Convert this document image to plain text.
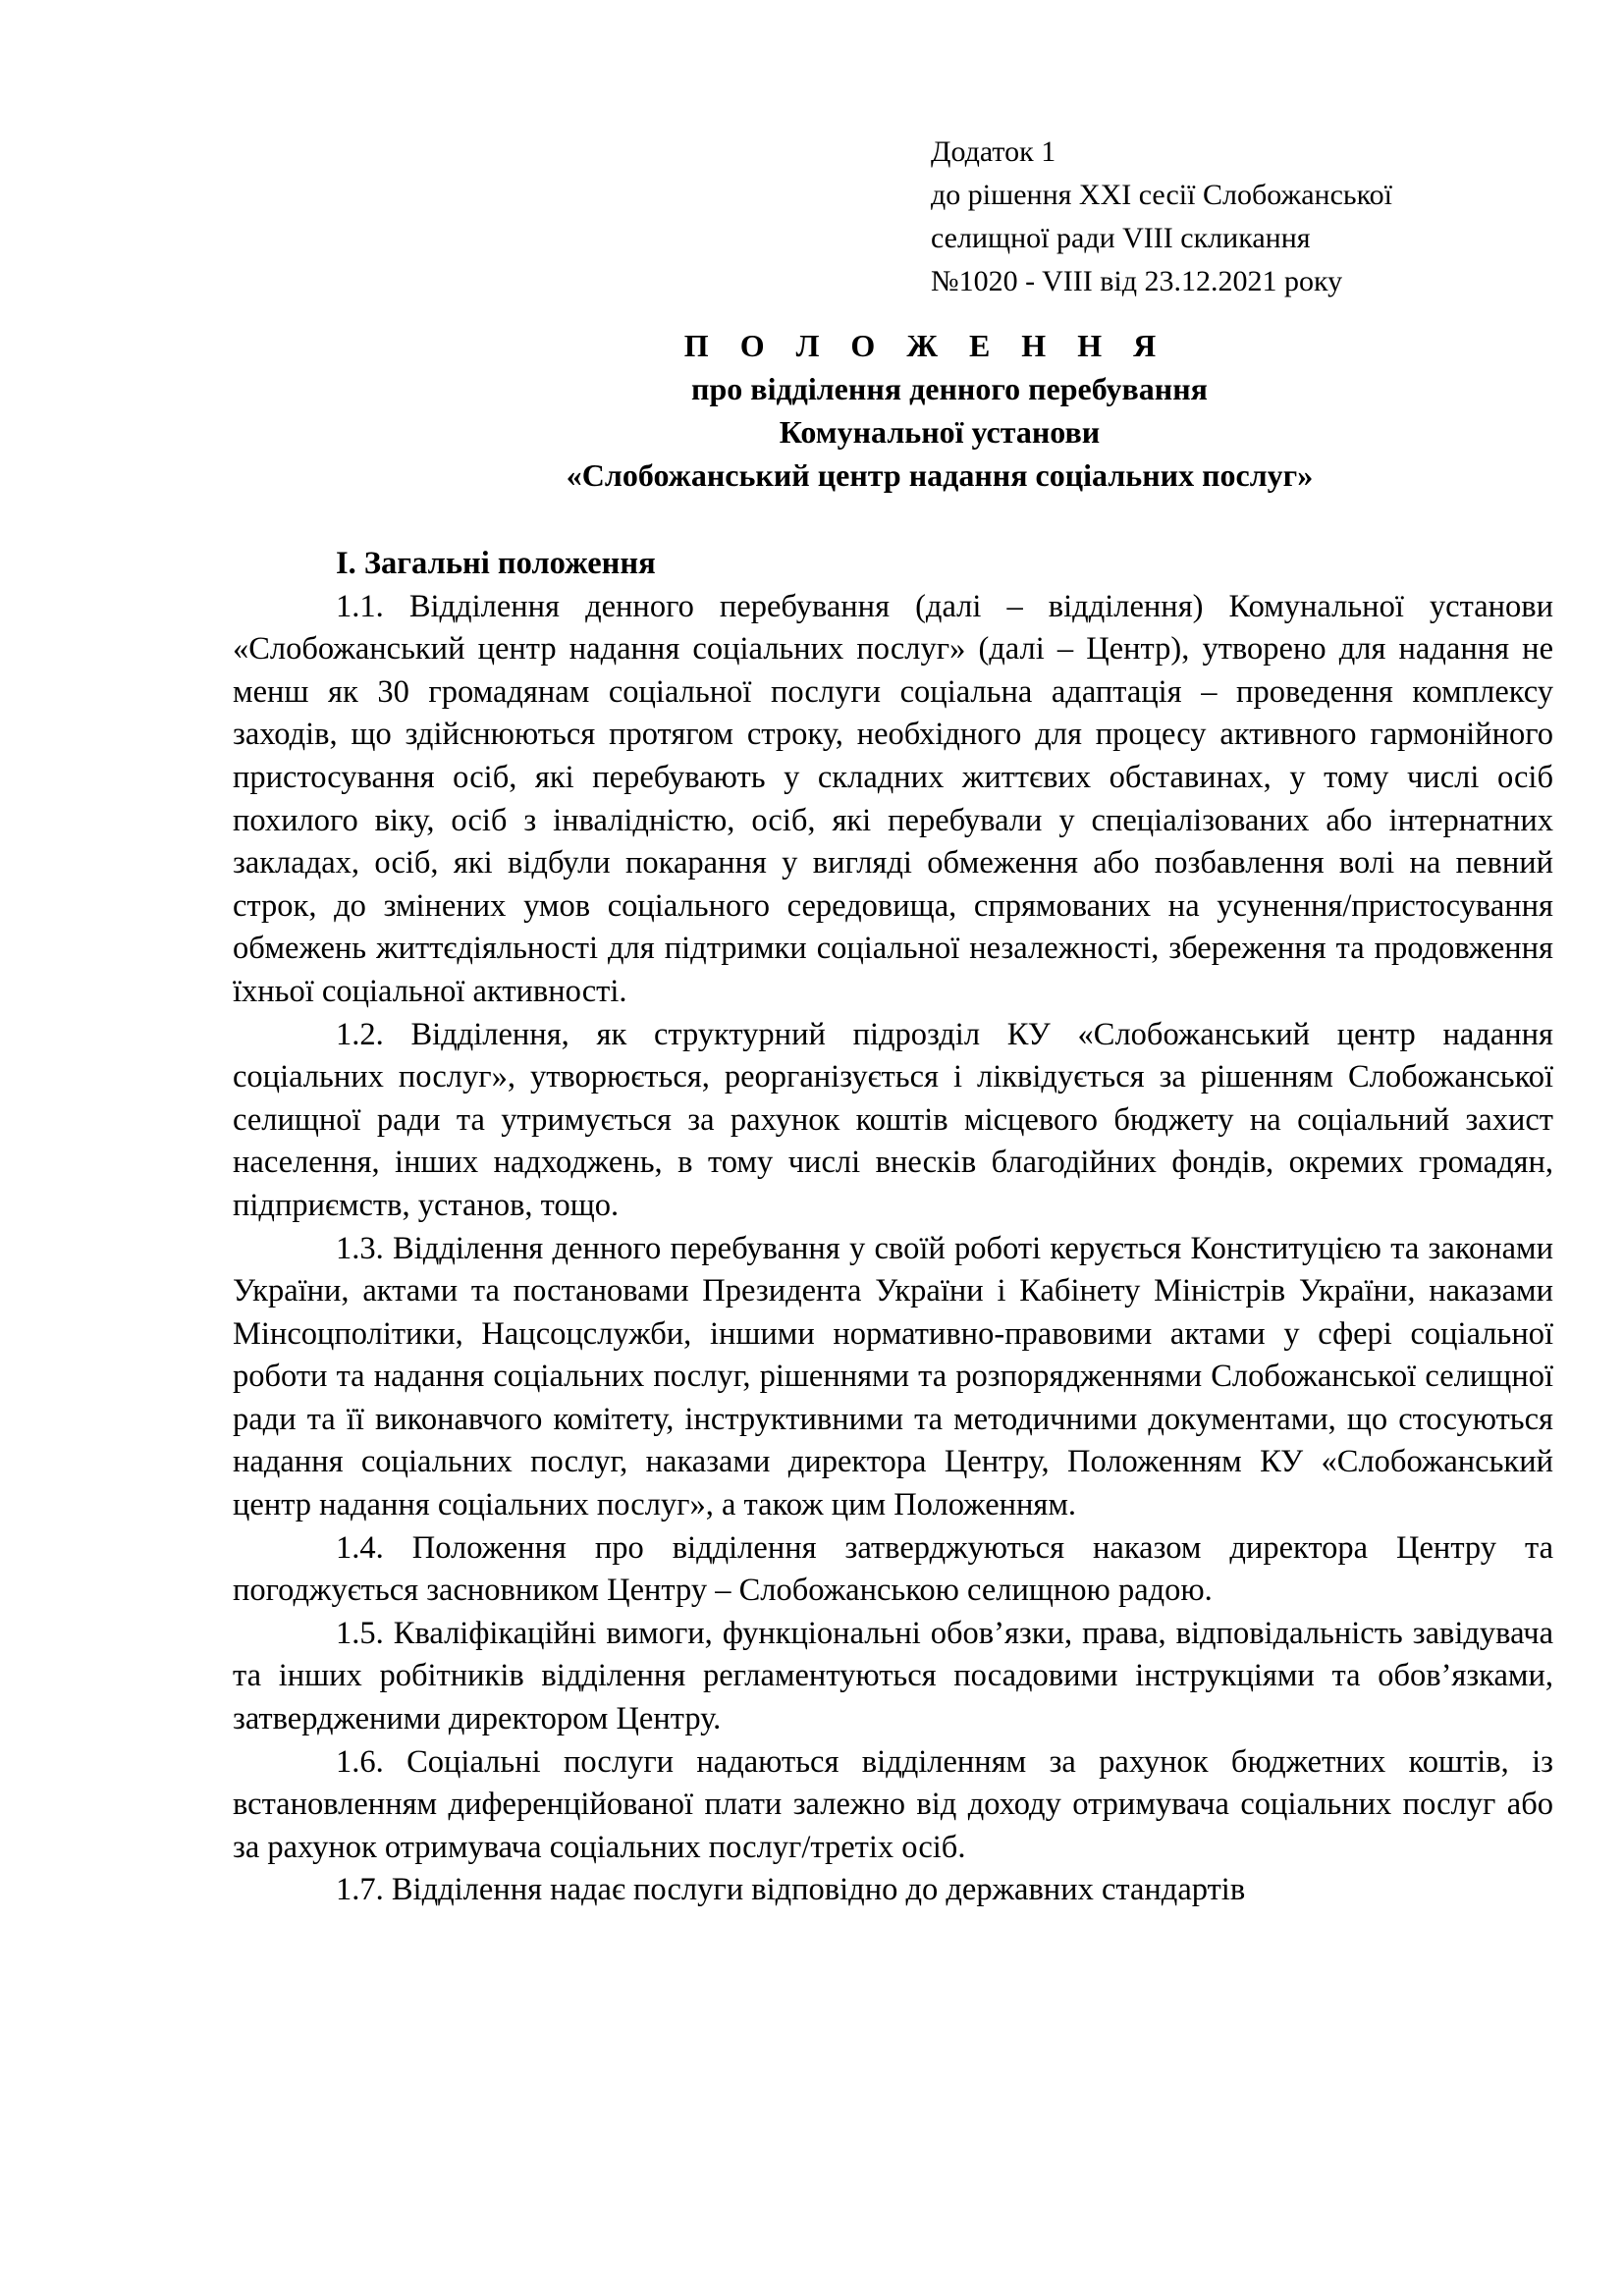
Додаток 1
до рішення XXI сесії Слобожанської
селищної ради VIII скликання
№1020 - VIII від 23.12.2021 року
П О Л О Ж Е Н Н Я
про відділення денного перебування
Комунальної установи
«Слобожанський центр надання соціальних послуг»

I. Загальні положення

1.1. Відділення денного перебування (далі – відділення) Комунальної установи «Слобожанський центр надання соціальних послуг» (далі – Центр), утворено для надання не менш як 30 громадянам соціальної послуги соціальна адаптація – проведення комплексу заходів, що здійснюються протягом строку, необхідного для процесу активного гармонійного пристосування осіб, які перебувають у складних життєвих обставинах, у тому числі осіб похилого віку, осіб з інвалідністю, осіб, які перебували у спеціалізованих або інтернатних закладах, осіб, які відбули покарання у вигляді обмеження або позбавлення волі на певний строк, до змінених умов соціального середовища, спрямованих на усунення/пристосування обмежень життєдіяльності для підтримки соціальної незалежності, збереження та продовження їхньої соціальної активності.

1.2. Відділення, як структурний підрозділ КУ «Слобожанський центр надання соціальних послуг», утворюється, реорганізується і ліквідується за рішенням Слобожанської селищної ради та утримується за рахунок коштів місцевого бюджету на соціальний захист населення, інших надходжень, в тому числі внесків благодійних фондів, окремих громадян, підприємств, установ, тощо.

1.3. Відділення денного перебування у своїй роботі керується Конституцією та законами України, актами та постановами Президента України і Кабінету Міністрів України, наказами Мінсоцполітики, Нацсоцслужби, іншими нормативно-правовими актами у сфері соціальної роботи та надання соціальних послуг, рішеннями та розпорядженнями Слобожанської селищної ради та її виконавчого комітету, інструктивними та методичними документами, що стосуються надання соціальних послуг, наказами директора Центру, Положенням КУ «Слобожанський центр надання соціальних послуг», а також цим Положенням.

1.4. Положення про відділення затверджуються наказом директора Центру та погоджується засновником Центру – Слобожанською селищною радою.

1.5. Кваліфікаційні вимоги, функціональні обов’язки, права, відповідальність завідувача та інших робітників відділення регламентуються посадовими інструкціями та обов’язками, затвердженими директором Центру.

1.6. Соціальні послуги надаються відділенням за рахунок бюджетних коштів, із встановленням диференційованої плати залежно від доходу отримувача соціальних послуг або за рахунок отримувача соціальних послуг/третіх осіб.

1.7. Відділення надає послуги відповідно до державних стандартів
